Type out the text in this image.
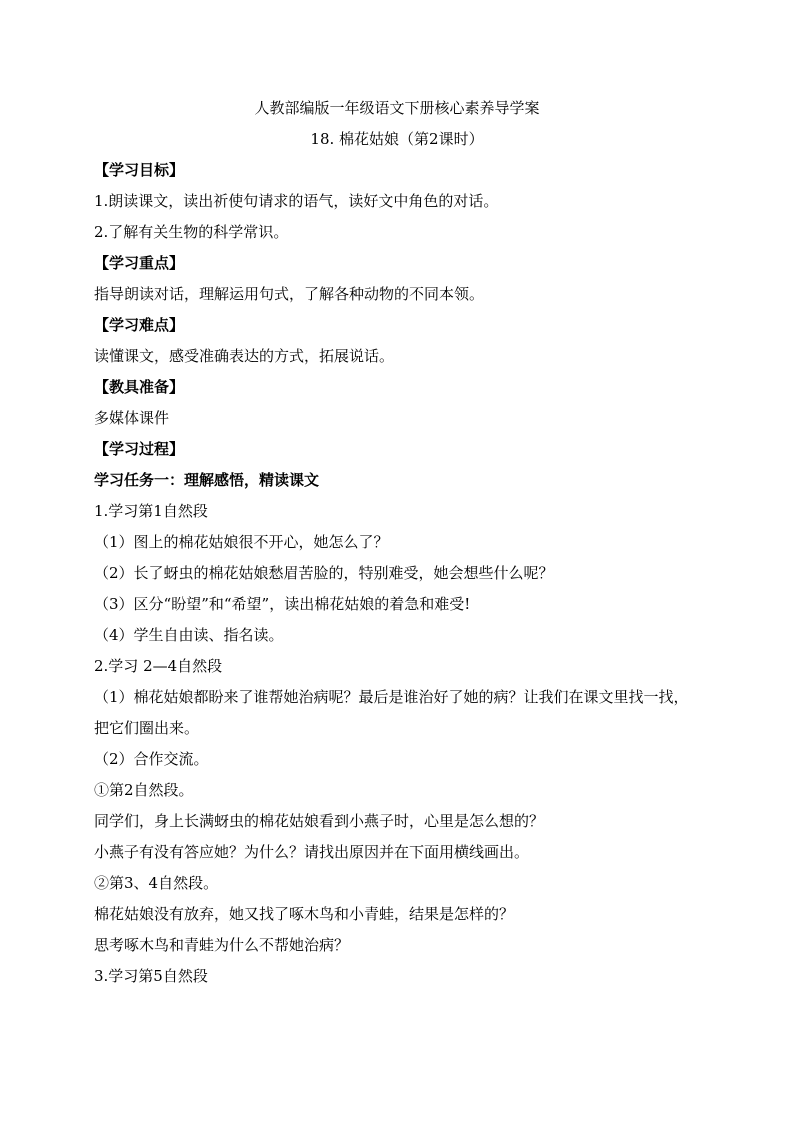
人教部编版一年级语文下册核心素养导学案

18. 棉花姑娘（第2课时）

【学习目标】

1.朗读课文，读出祈使句请求的语气，读好文中角色的对话。

2.了解有关生物的科学常识。

【学习重点】

指导朗读对话，理解运用句式，了解各种动物的不同本领。

【学习难点】

读懂课文，感受准确表达的方式，拓展说话。

【教具准备】

多媒体课件

【学习过程】

学习任务一：理解感悟，精读课文

1.学习第1自然段

（1）图上的棉花姑娘很不开心，她怎么了？

（2）长了蚜虫的棉花姑娘愁眉苦脸的，特别难受，她会想些什么呢？

（3）区分“盼望”和“希望”，读出棉花姑娘的着急和难受!

（4）学生自由读、指名读。

2.学习 2—4自然段

（1）棉花姑娘都盼来了谁帮她治病呢？最后是谁治好了她的病？让我们在课文里找一找，把它们圈出来。

（2）合作交流。

①第2自然段。

同学们，身上长满蚜虫的棉花姑娘看到小燕子时，心里是怎么想的？

小燕子有没有答应她？为什么？请找出原因并在下面用横线画出。

②第3、4自然段。

棉花姑娘没有放弃，她又找了啄木鸟和小青蛙，结果是怎样的？

思考啄木鸟和青蛙为什么不帮她治病？

3.学习第5自然段
